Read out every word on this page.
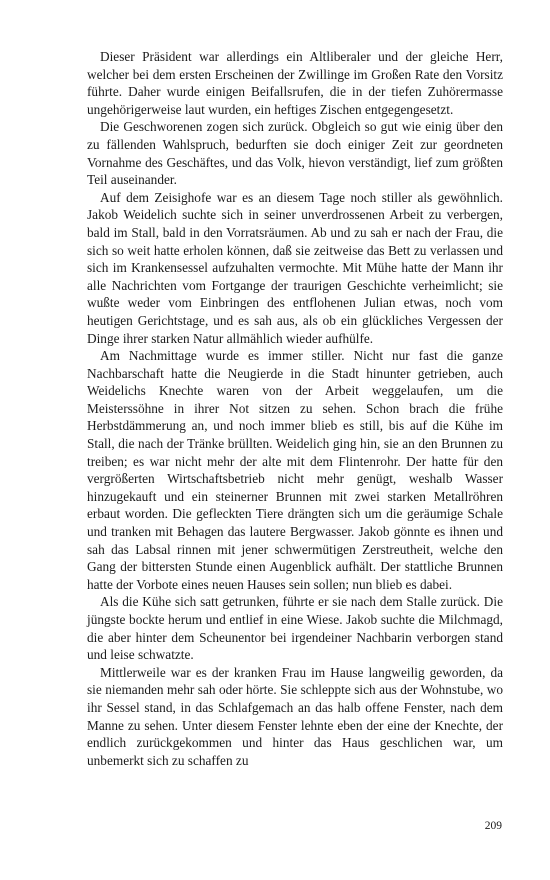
Dieser Präsident war allerdings ein Altliberaler und der gleiche Herr, welcher bei dem ersten Erscheinen der Zwillinge im Großen Rate den Vorsitz führte. Daher wurde einigen Beifallsrufen, die in der tiefen Zuhörermasse ungehörigerweise laut wurden, ein heftiges Zischen entgegengesetzt.

Die Geschworenen zogen sich zurück. Obgleich so gut wie einig über den zu fällenden Wahlspruch, bedurften sie doch einiger Zeit zur geordneten Vornahme des Geschäftes, und das Volk, hievon verständigt, lief zum größten Teil auseinander.

Auf dem Zeisighofe war es an diesem Tage noch stiller als gewöhnlich. Jakob Weidelich suchte sich in seiner unverdrossenen Arbeit zu verbergen, bald im Stall, bald in den Vorratsräumen. Ab und zu sah er nach der Frau, die sich so weit hatte erholen können, daß sie zeitweise das Bett zu verlassen und sich im Krankensessel aufzuhalten vermochte. Mit Mühe hatte der Mann ihr alle Nachrichten vom Fortgange der traurigen Geschichte verheimlicht; sie wußte weder vom Einbringen des entflohenen Julian etwas, noch vom heutigen Gerichtstage, und es sah aus, als ob ein glückliches Vergessen der Dinge ihrer starken Natur allmählich wieder aufhülfe.

Am Nachmittage wurde es immer stiller. Nicht nur fast die ganze Nachbarschaft hatte die Neugierde in die Stadt hinunter getrieben, auch Weidelichs Knechte waren von der Arbeit weggelaufen, um die Meisterssöhne in ihrer Not sitzen zu sehen. Schon brach die frühe Herbstdämmerung an, und noch immer blieb es still, bis auf die Kühe im Stall, die nach der Tränke brüllten. Weidelich ging hin, sie an den Brunnen zu treiben; es war nicht mehr der alte mit dem Flintenrohr. Der hatte für den vergrößerten Wirtschaftsbetrieb nicht mehr genügt, weshalb Wasser hinzugekauft und ein steinerner Brunnen mit zwei starken Metallröhren erbaut worden. Die gefleckten Tiere drängten sich um die geräumige Schale und tranken mit Behagen das lautere Bergwasser. Jakob gönnte es ihnen und sah das Labsal rinnen mit jener schwermütigen Zerstreutheit, welche den Gang der bittersten Stunde einen Augenblick aufhält. Der stattliche Brunnen hatte der Vorbote eines neuen Hauses sein sollen; nun blieb es dabei.

Als die Kühe sich satt getrunken, führte er sie nach dem Stalle zurück. Die jüngste bockte herum und entlief in eine Wiese. Jakob suchte die Milchmagd, die aber hinter dem Scheunentor bei irgendeiner Nachbarin verborgen stand und leise schwatzte.

Mittlerweile war es der kranken Frau im Hause langweilig geworden, da sie niemanden mehr sah oder hörte. Sie schleppte sich aus der Wohnstube, wo ihr Sessel stand, in das Schlafgemach an das halb offene Fenster, nach dem Manne zu sehen. Unter diesem Fenster lehnte eben der eine der Knechte, der endlich zurückgekommen und hinter das Haus geschlichen war, um unbemerkt sich zu schaffen zu

209
